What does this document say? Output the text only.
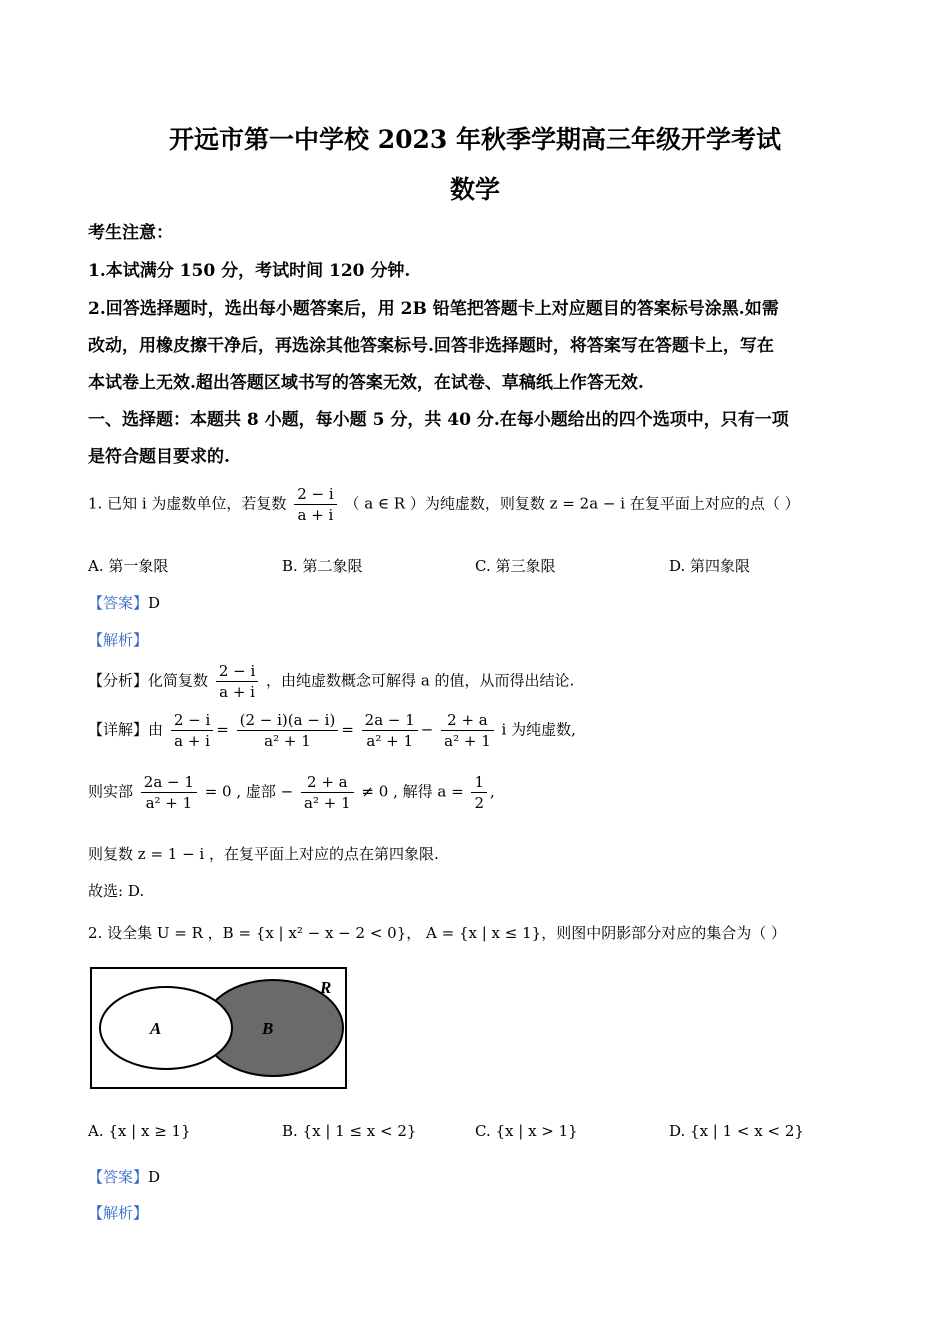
开远市第一中学校 2023 年秋季学期高三年级开学考试
数学
考生注意：
1.本试满分 150 分，考试时间 120 分钟.
2.回答选择题时，选出每小题答案后，用 2B 铅笔把答题卡上对应题目的答案标号涂黑.如需
改动，用橡皮擦干净后，再选涂其他答案标号.回答非选择题时，将答案写在答题卡上，写在
本试卷上无效.超出答题区域书写的答案无效，在试卷、草稿纸上作答无效.
一、选择题：本题共 8 小题，每小题 5 分，共 40 分.在每小题给出的四个选项中，只有一项
是符合题目要求的.
1. 已知 i 为虚数单位，若复数 $\frac{2 - i}{a + i}$ （ a ∈ R ）为纯虚数，则复数 z = 2a − i 在复平面上对应的点（ ）
A. 第一象限	B. 第二象限	C. 第三象限	D. 第四象限
【答案】D
【解析】
【分析】化简复数 $\frac{2 - i}{a + i}$ ，由纯虚数概念可解得 a 的值，从而得出结论.
【详解】由 $\frac{2 - i}{a + i} = \frac{(2 - i)(a - i)}{\text{a² + 1}} = \frac{2a - 1}{\text{a² + 1}} - \frac{2 + a}{\text{a² + 1}}$ i 为纯虚数,
则实部 $\frac{2a - 1}{\text{a² + 1}} = 0$ , 虚部 − $\frac{2 + a}{\text{a² + 1}} \ne 0$ , 解得 $a = \frac{1}{2}$ ,
则复数 z = 1 − i ，在复平面上对应的点在第四象限.
故选: D.
2. 设全集 U = R ，B = {x | x² − x − 2 < 0}， A = {x | x ≤ 1}，则图中阴影部分对应的集合为（ ）
A	B
R
A. {x | x ≥ 1}	B. {x | 1 ≤ x < 2}	C. {x | x > 1}	D. {x | 1 < x < 2}
【答案】D
【解析】
